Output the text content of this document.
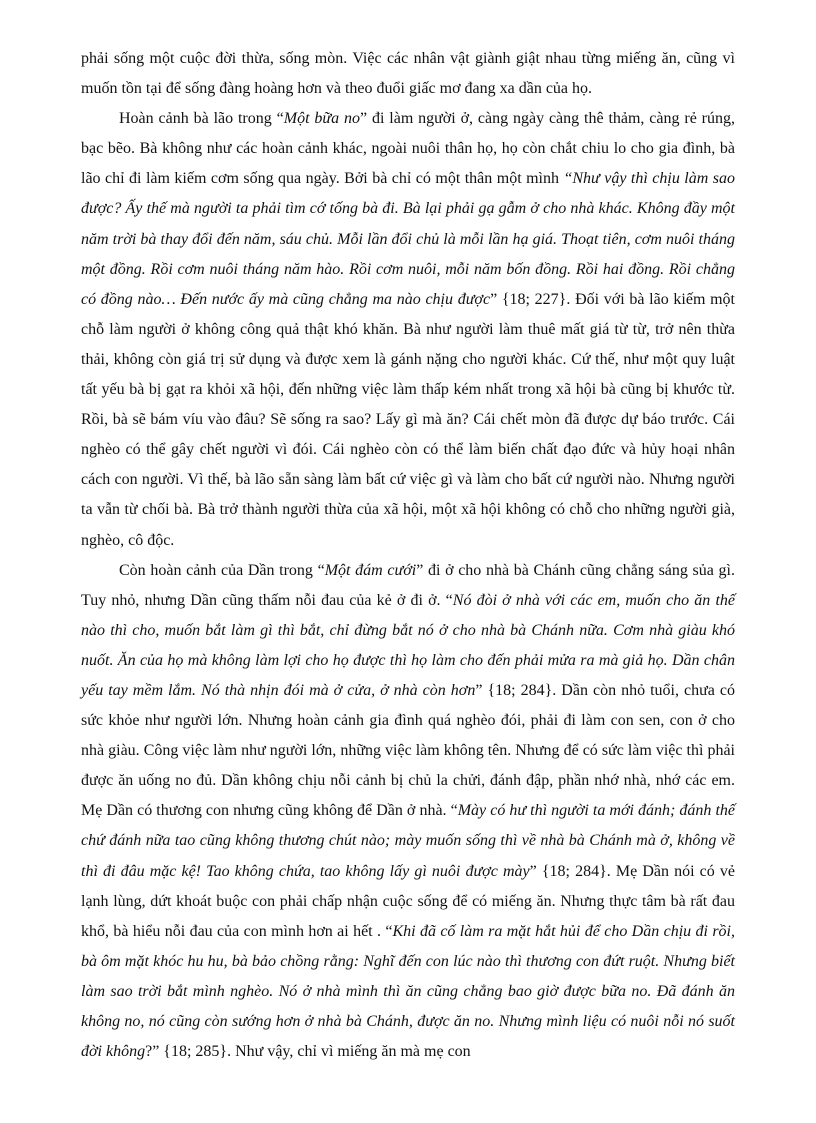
phải sống một cuộc đời thừa, sống mòn. Việc các nhân vật giành giật nhau từng miếng ăn, cũng vì muốn tồn tại để sống đàng hoàng hơn và theo đuổi giấc mơ đang xa dần của họ.

Hoàn cảnh bà lão trong “Một bữa no” đi làm người ở, càng ngày càng thê thảm, càng rẻ rúng, bạc bẽo. Bà không như các hoàn cảnh khác, ngoài nuôi thân họ, họ còn chắt chiu lo cho gia đình, bà lão chỉ đi làm kiếm cơm sống qua ngày. Bởi bà chỉ có một thân một mình “Như vậy thì chịu làm sao được? Ấy thế mà người ta phải tìm cớ tống bà đi. Bà lại phải gạ gẫm ở cho nhà khác. Không đầy một năm trời bà thay đổi đến năm, sáu chủ. Mỗi lần đổi chủ là mỗi lần hạ giá. Thoạt tiên, cơm nuôi tháng một đồng. Rồi cơm nuôi tháng năm hào. Rồi cơm nuôi, mỗi năm bốn đồng. Rồi hai đồng. Rồi chẳng có đồng nào… Đến nước ấy mà cũng chẳng ma nào chịu được” {18; 227}. Đối với bà lão kiếm một chỗ làm người ở không công quả thật khó khăn. Bà như người làm thuê mất giá từ từ, trở nên thừa thải, không còn giá trị sử dụng và được xem là gánh nặng cho người khác. Cứ thế, như một quy luật tất yếu bà bị gạt ra khỏi xã hội, đến những việc làm thấp kém nhất trong xã hội bà cũng bị khước từ. Rồi, bà sẽ bám víu vào đâu? Sẽ sống ra sao? Lấy gì mà ăn? Cái chết mòn đã được dự báo trước. Cái nghèo có thể gây chết người vì đói. Cái nghèo còn có thể làm biến chất đạo đức và hủy hoại nhân cách con người. Vì thế, bà lão sẵn sàng làm bất cứ việc gì và làm cho bất cứ người nào. Nhưng người ta vẫn từ chối bà. Bà trở thành người thừa của xã hội, một xã hội không có chỗ cho những người già, nghèo, cô độc.

Còn hoàn cảnh của Dần trong “Một đám cưới” đi ở cho nhà bà Chánh cũng chẳng sáng sủa gì. Tuy nhỏ, nhưng Dần cũng thấm nỗi đau của kẻ ở đi ở. “Nó đòi ở nhà với các em, muốn cho ăn thế nào thì cho, muốn bắt làm gì thì bắt, chỉ đừng bắt nó ở cho nhà bà Chánh nữa. Cơm nhà giàu khó nuốt. Ăn của họ mà không làm lợi cho họ được thì họ làm cho đến phải mửa ra mà giả họ. Dần chân yếu tay mềm lắm. Nó thà nhịn đói mà ở cửa, ở nhà còn hơn” {18; 284}. Dần còn nhỏ tuổi, chưa có sức khỏe như người lớn. Nhưng hoàn cảnh gia đình quá nghèo đói, phải đi làm con sen, con ở cho nhà giàu. Công việc làm như người lớn, những việc làm không tên. Nhưng để có sức làm việc thì phải được ăn uống no đủ. Dần không chịu nỗi cảnh bị chủ la chửi, đánh đập, phần nhớ nhà, nhớ các em. Mẹ Dần có thương con nhưng cũng không để Dần ở nhà. “Mày có hư thì người ta mới đánh; đánh thế chứ đánh nữa tao cũng không thương chút nào; mày muốn sống thì về nhà bà Chánh mà ở, không về thì đi đâu mặc kệ! Tao không chứa, tao không lấy gì nuôi được mày” {18; 284}. Mẹ Dần nói có vẻ lạnh lùng, dứt khoát buộc con phải chấp nhận cuộc sống để có miếng ăn. Nhưng thực tâm bà rất đau khổ, bà hiểu nỗi đau của con mình hơn ai hết . “Khi đã cố làm ra mặt hắt hủi để cho Dần chịu đi rồi, bà ôm mặt khóc hu hu, bà bảo chồng rằng: Nghĩ đến con lúc nào thì thương con đứt ruột. Nhưng biết làm sao trời bắt mình nghèo. Nó ở nhà mình thì ăn cũng chẳng bao giờ được bữa no. Đã đánh ăn không no, nó cũng còn sướng hơn ở nhà bà Chánh, được ăn no. Nhưng mình liệu có nuôi nỗi nó suốt đời không?” {18; 285}. Như vậy, chỉ vì miếng ăn mà mẹ con
